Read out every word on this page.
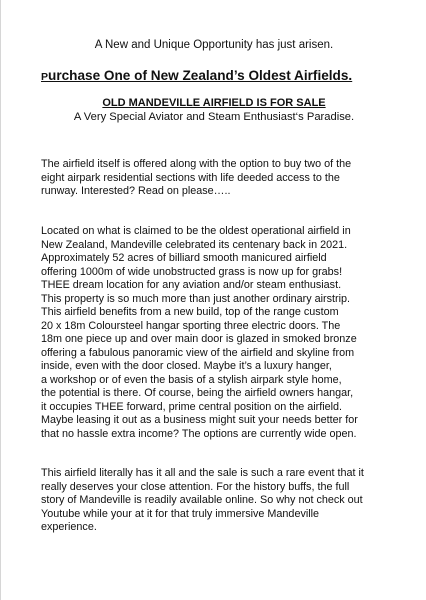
A New and Unique Opportunity has just arisen.
Purchase One of New Zealand’s Oldest Airfields.
OLD MANDEVILLE AIRFIELD IS FOR SALE
A Very Special Aviator and Steam Enthusiast‘s Paradise.

The airfield itself is offered along with the option to buy two of the
eight airpark residential sections with life deeded access to the
runway. Interested? Read on please…..

Located on what is claimed to be the oldest operational airfield in
New Zealand, Mandeville celebrated its centenary back in 2021.
Approximately 52 acres of billiard smooth manicured airfield
offering 1000m of wide unobstructed grass is now up for grabs!
THEE dream location for any aviation and/or steam enthusiast.
This property is so much more than just another ordinary airstrip.
This airfield benefits from a new build, top of the range custom
20 x 18m Coloursteel hangar sporting three electric doors. The
18m one piece up and over main door is glazed in smoked bronze
offering a fabulous panoramic view of the airfield and skyline from
inside, even with the door closed. Maybe it’s a luxury hanger,
a workshop or of even the basis of a stylish airpark style home,
the potential is there. Of course, being the airfield owners hangar,
it occupies THEE forward, prime central position on the airfield.
Maybe leasing it out as a business might suit your needs better for
that no hassle extra income? The options are currently wide open.

This airfield literally has it all and the sale is such a rare event that it
really deserves your close attention. For the history buffs, the full
story of Mandeville is readily available online. So why not check out
Youtube while your at it for that truly immersive Mandeville
experience.
